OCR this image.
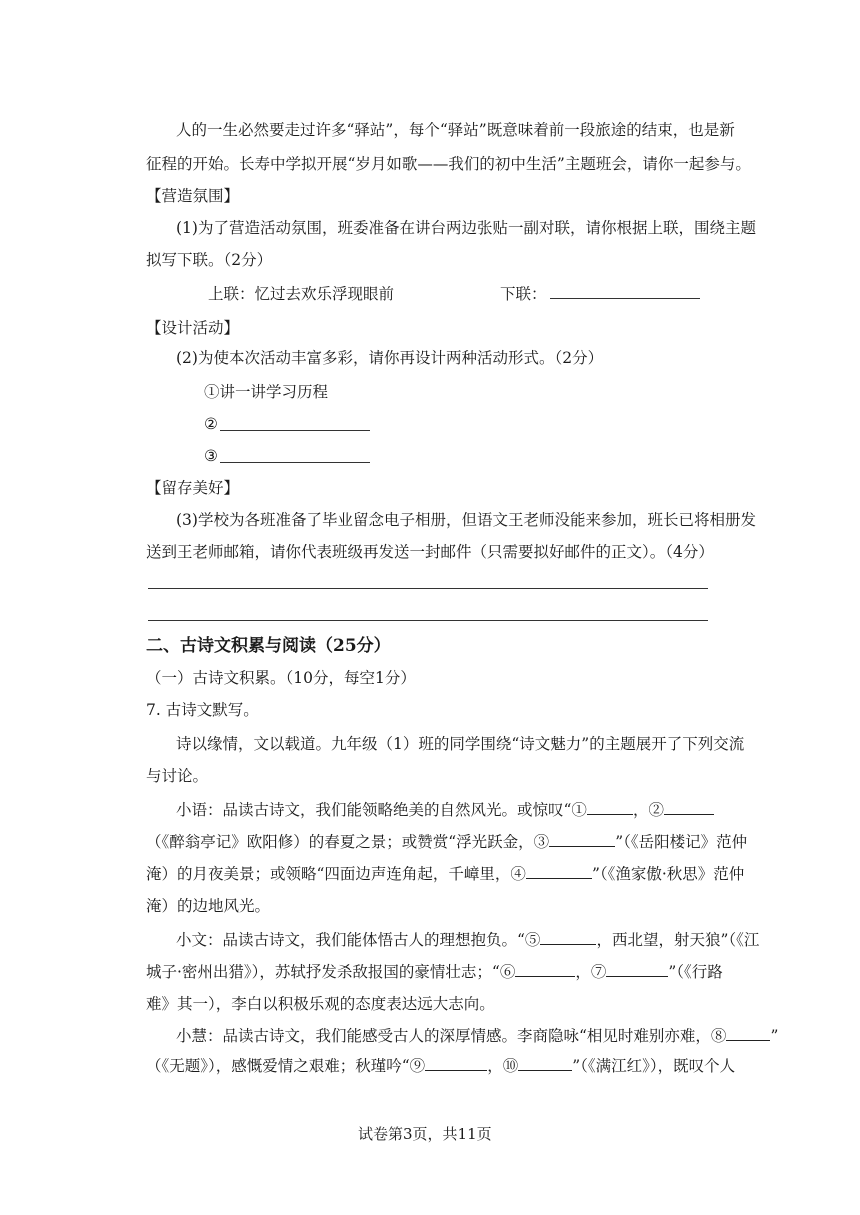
人的一生必然要走过许多“驿站”，每个“驿站”既意味着前一段旅途的结束，也是新
征程的开始。长寿中学拟开展“岁月如歌——我们的初中生活”主题班会，请你一起参与。
【营造氛围】
(1)为了营造活动氛围，班委准备在讲台两边张贴一副对联，请你根据上联，围绕主题
拟写下联。（2分）
上联：忆过去欢乐浮现眼前	下联：
【设计活动】
(2)为使本次活动丰富多彩，请你再设计两种活动形式。（2分）
①讲一讲学习历程
②
③
【留存美好】
(3)学校为各班准备了毕业留念电子相册，但语文王老师没能来参加，班长已将相册发
送到王老师邮箱，请你代表班级再发送一封邮件（只需要拟好邮件的正文）。（4分）
二、古诗文积累与阅读（25分）
（一）古诗文积累。（10分，每空1分）
7. 古诗文默写。
诗以缘情，文以载道。九年级（1）班的同学围绕“诗文魅力”的主题展开了下列交流
与讨论。
小语：品读古诗文，我们能领略绝美的自然风光。或惊叹“①	，②
（《醉翁亭记》欧阳修）的春夏之景；或赞赏“浮光跃金，③	”（《岳阳楼记》范仲
淹）的月夜美景；或领略“四面边声连角起，千嶂里，④	”（《渔家傲·秋思》范仲
淹）的边地风光。
小文：品读古诗文，我们能体悟古人的理想抱负。“⑤	，西北望，射天狼”（《江
城子·密州出猎》），苏轼抒发杀敌报国的豪情壮志；“⑥	，⑦	”（《行路
难》其一），李白以积极乐观的态度表达远大志向。
小慧：品读古诗文，我们能感受古人的深厚情感。李商隐咏“相见时难别亦难，⑧	”
（《无题》），感慨爱情之艰难；秋瑾吟“⑨	，⑩	”（《满江红》），既叹个人
试卷第3页，共11页
